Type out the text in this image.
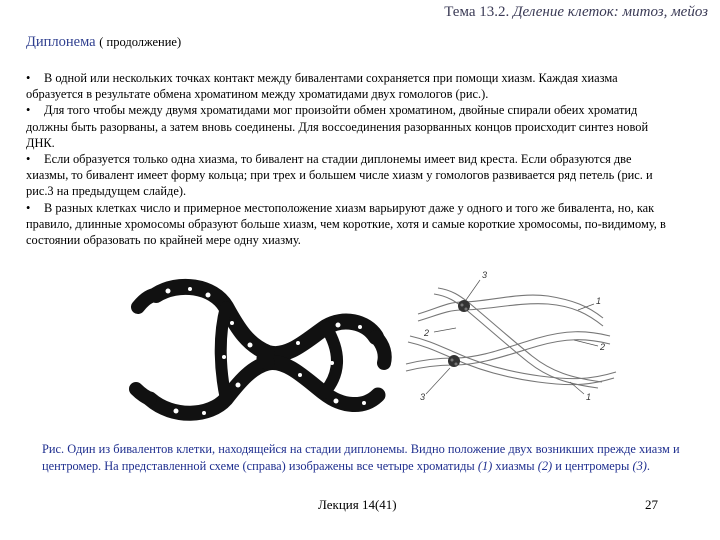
Тема 13.2. Деление клеток: митоз, мейоз
Диплонема ( продолжение)

• В одной или нескольких точках контакт между бивалентами сохраняется при помощи хиазм. Каждая хиазма образуется в результате обмена хроматином между хроматидами двух гомологов (рис.).

• Для того чтобы между двумя хроматидами мог произойти обмен хроматином, двойные спирали обеих хроматид должны быть разорваны, а затем вновь соединены. Для воссоединения разорванных концов происходит синтез новой ДНК.

• Если образуется только одна хиазма, то бивалент на стадии диплонемы имеет вид креста. Если образуются две хиазмы, то бивалент имеет форму кольца; при трех и большем числе хиазм у гомологов развивается ряд петель (рис. и рис.3 на предыдущем слайде).

• В разных клетках число и примерное местоположение хиазм варьируют даже у одного и того же бивалента, но, как правило, длинные хромосомы образуют больше хиазм, чем короткие, хотя и самые короткие хромосомы, по-видимому, в состоянии образовать по крайней мере одну хиазму.

3
1
2
2
3	1
Рис. Один из бивалентов клетки, находящейся на стадии диплонемы. Видно положение двух возникших прежде хиазм и центромер. На представленной схеме (справа) изображены все четыре хроматиды (1) хиазмы (2) и центромеры (3).
Лекция 14(41)	27
